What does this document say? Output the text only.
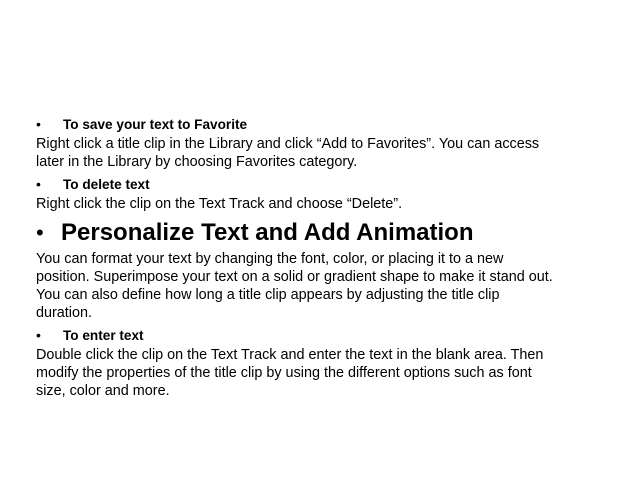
•	To save your text to Favorite

Right click a title clip in the Library and click “Add to Favorites”. You can access
later in the Library by choosing Favorites category.

•	To delete text

Right click the clip on the Text Track and choose “Delete”.

• Personalize Text and Add Animation

You can format your text by changing the font, color, or placing it to a new
position. Superimpose your text on a solid or gradient shape to make it stand out.
You can also define how long a title clip appears by adjusting the title clip
duration.

•	To enter text

Double click the clip on the Text Track and enter the text in the blank area. Then
modify the properties of the title clip by using the different options such as font
size, color and more.
